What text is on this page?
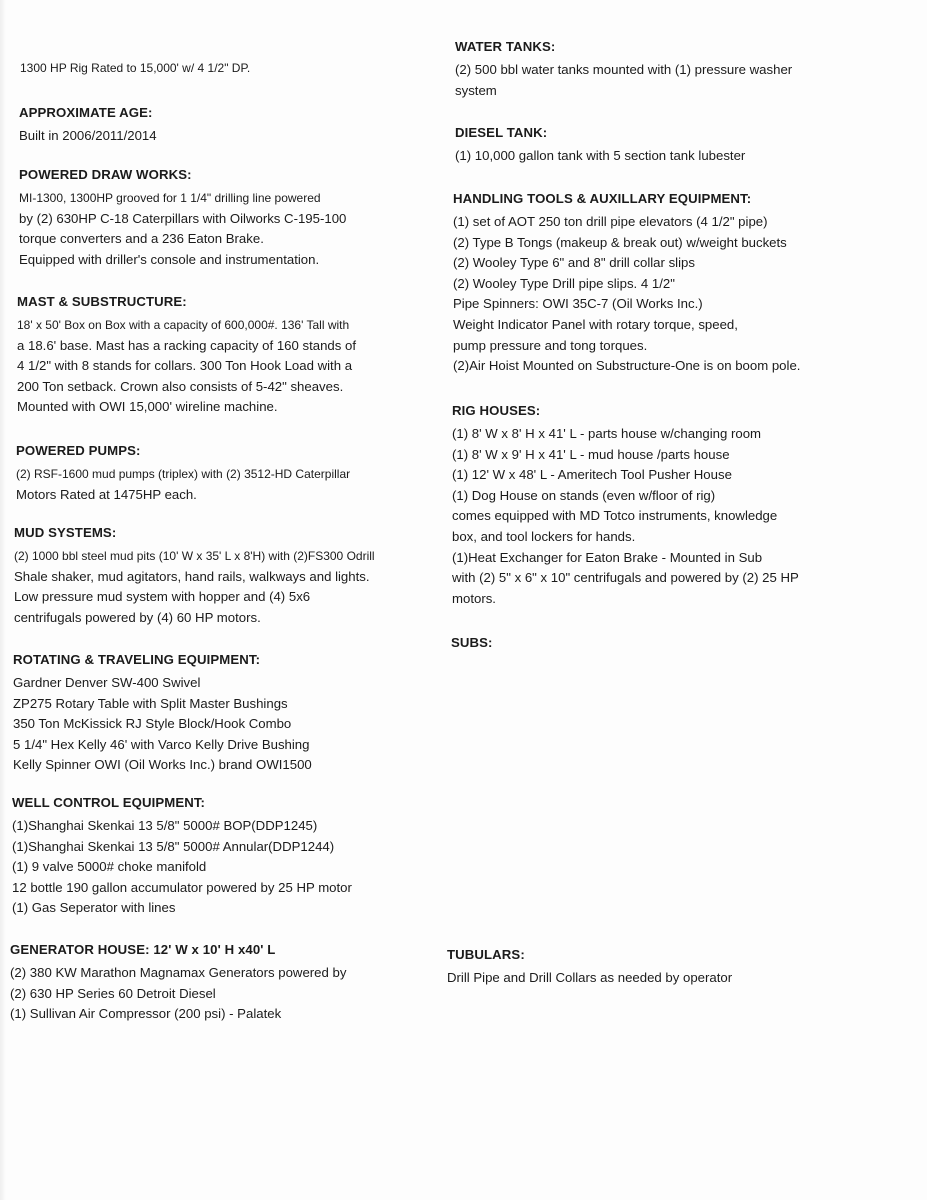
1300 HP Rig Rated to 15,000' w/ 4 1/2" DP.
APPROXIMATE AGE:
Built in 2006/2011/2014
POWERED DRAW WORKS:
MI-1300, 1300HP grooved for 1 1/4" drilling line powered
by (2) 630HP C-18 Caterpillars with Oilworks C-195-100
torque converters and a 236 Eaton Brake.
Equipped with driller's console and instrumentation.
MAST & SUBSTRUCTURE:
18' x 50' Box on Box with a capacity of 600,000#. 136' Tall with
a 18.6' base. Mast has a racking capacity of 160 stands of
4 1/2" with 8 stands for collars. 300 Ton Hook Load with a
200 Ton setback. Crown also consists of 5-42" sheaves.
Mounted with OWI 15,000' wireline machine.
POWERED PUMPS:
(2) RSF-1600 mud pumps (triplex) with (2) 3512-HD Caterpillar
Motors Rated at 1475HP each.
MUD SYSTEMS:
(2) 1000 bbl steel mud pits (10' W x 35' L x 8'H) with (2)FS300 Odrill
Shale shaker, mud agitators, hand rails, walkways and lights.
Low pressure mud system with hopper and (4) 5x6
centrifugals powered by (4) 60 HP motors.
ROTATING & TRAVELING EQUIPMENT:
Gardner Denver SW-400 Swivel
ZP275 Rotary Table with Split Master Bushings
350 Ton McKissick RJ Style Block/Hook Combo
5 1/4" Hex Kelly 46' with Varco Kelly Drive Bushing
Kelly Spinner OWI (Oil Works Inc.) brand OWI1500
WELL CONTROL EQUIPMENT:
(1)Shanghai Skenkai 13 5/8" 5000# BOP(DDP1245)
(1)Shanghai Skenkai 13 5/8" 5000# Annular(DDP1244)
(1) 9 valve 5000# choke manifold
12 bottle 190 gallon accumulator powered by 25 HP motor
(1) Gas Seperator with lines
GENERATOR HOUSE: 12' W x 10' H x40' L
(2) 380 KW Marathon Magnamax Generators powered by
(2) 630 HP Series 60 Detroit Diesel
(1) Sullivan Air Compressor (200 psi) - Palatek
WATER TANKS:
(2) 500 bbl water tanks mounted with (1) pressure washer
system
DIESEL TANK:
(1) 10,000 gallon tank with 5 section tank lubester
HANDLING TOOLS & AUXILLARY EQUIPMENT:
(1) set of AOT 250 ton drill pipe elevators (4 1/2" pipe)
(2) Type B Tongs (makeup & break out) w/weight buckets
(2) Wooley Type 6" and 8" drill collar slips
(2) Wooley Type Drill pipe slips. 4 1/2"
Pipe Spinners: OWI 35C-7 (Oil Works Inc.)
Weight Indicator Panel with rotary torque, speed,
pump pressure and tong torques.
(2)Air Hoist Mounted on Substructure-One is on boom pole.
RIG HOUSES:
(1) 8' W x 8' H x 41' L - parts house w/changing room
(1) 8' W x 9' H x 41' L - mud house /parts house
(1) 12' W x 48' L - Ameritech Tool Pusher House
(1) Dog House on stands (even w/floor of rig)
comes equipped with MD Totco instruments, knowledge
box, and tool lockers for hands.
(1)Heat Exchanger for Eaton Brake - Mounted in Sub
with (2) 5" x 6" x 10" centrifugals and powered by (2) 25 HP
motors.
SUBS:
TUBULARS:
Drill Pipe and Drill Collars as needed by operator
